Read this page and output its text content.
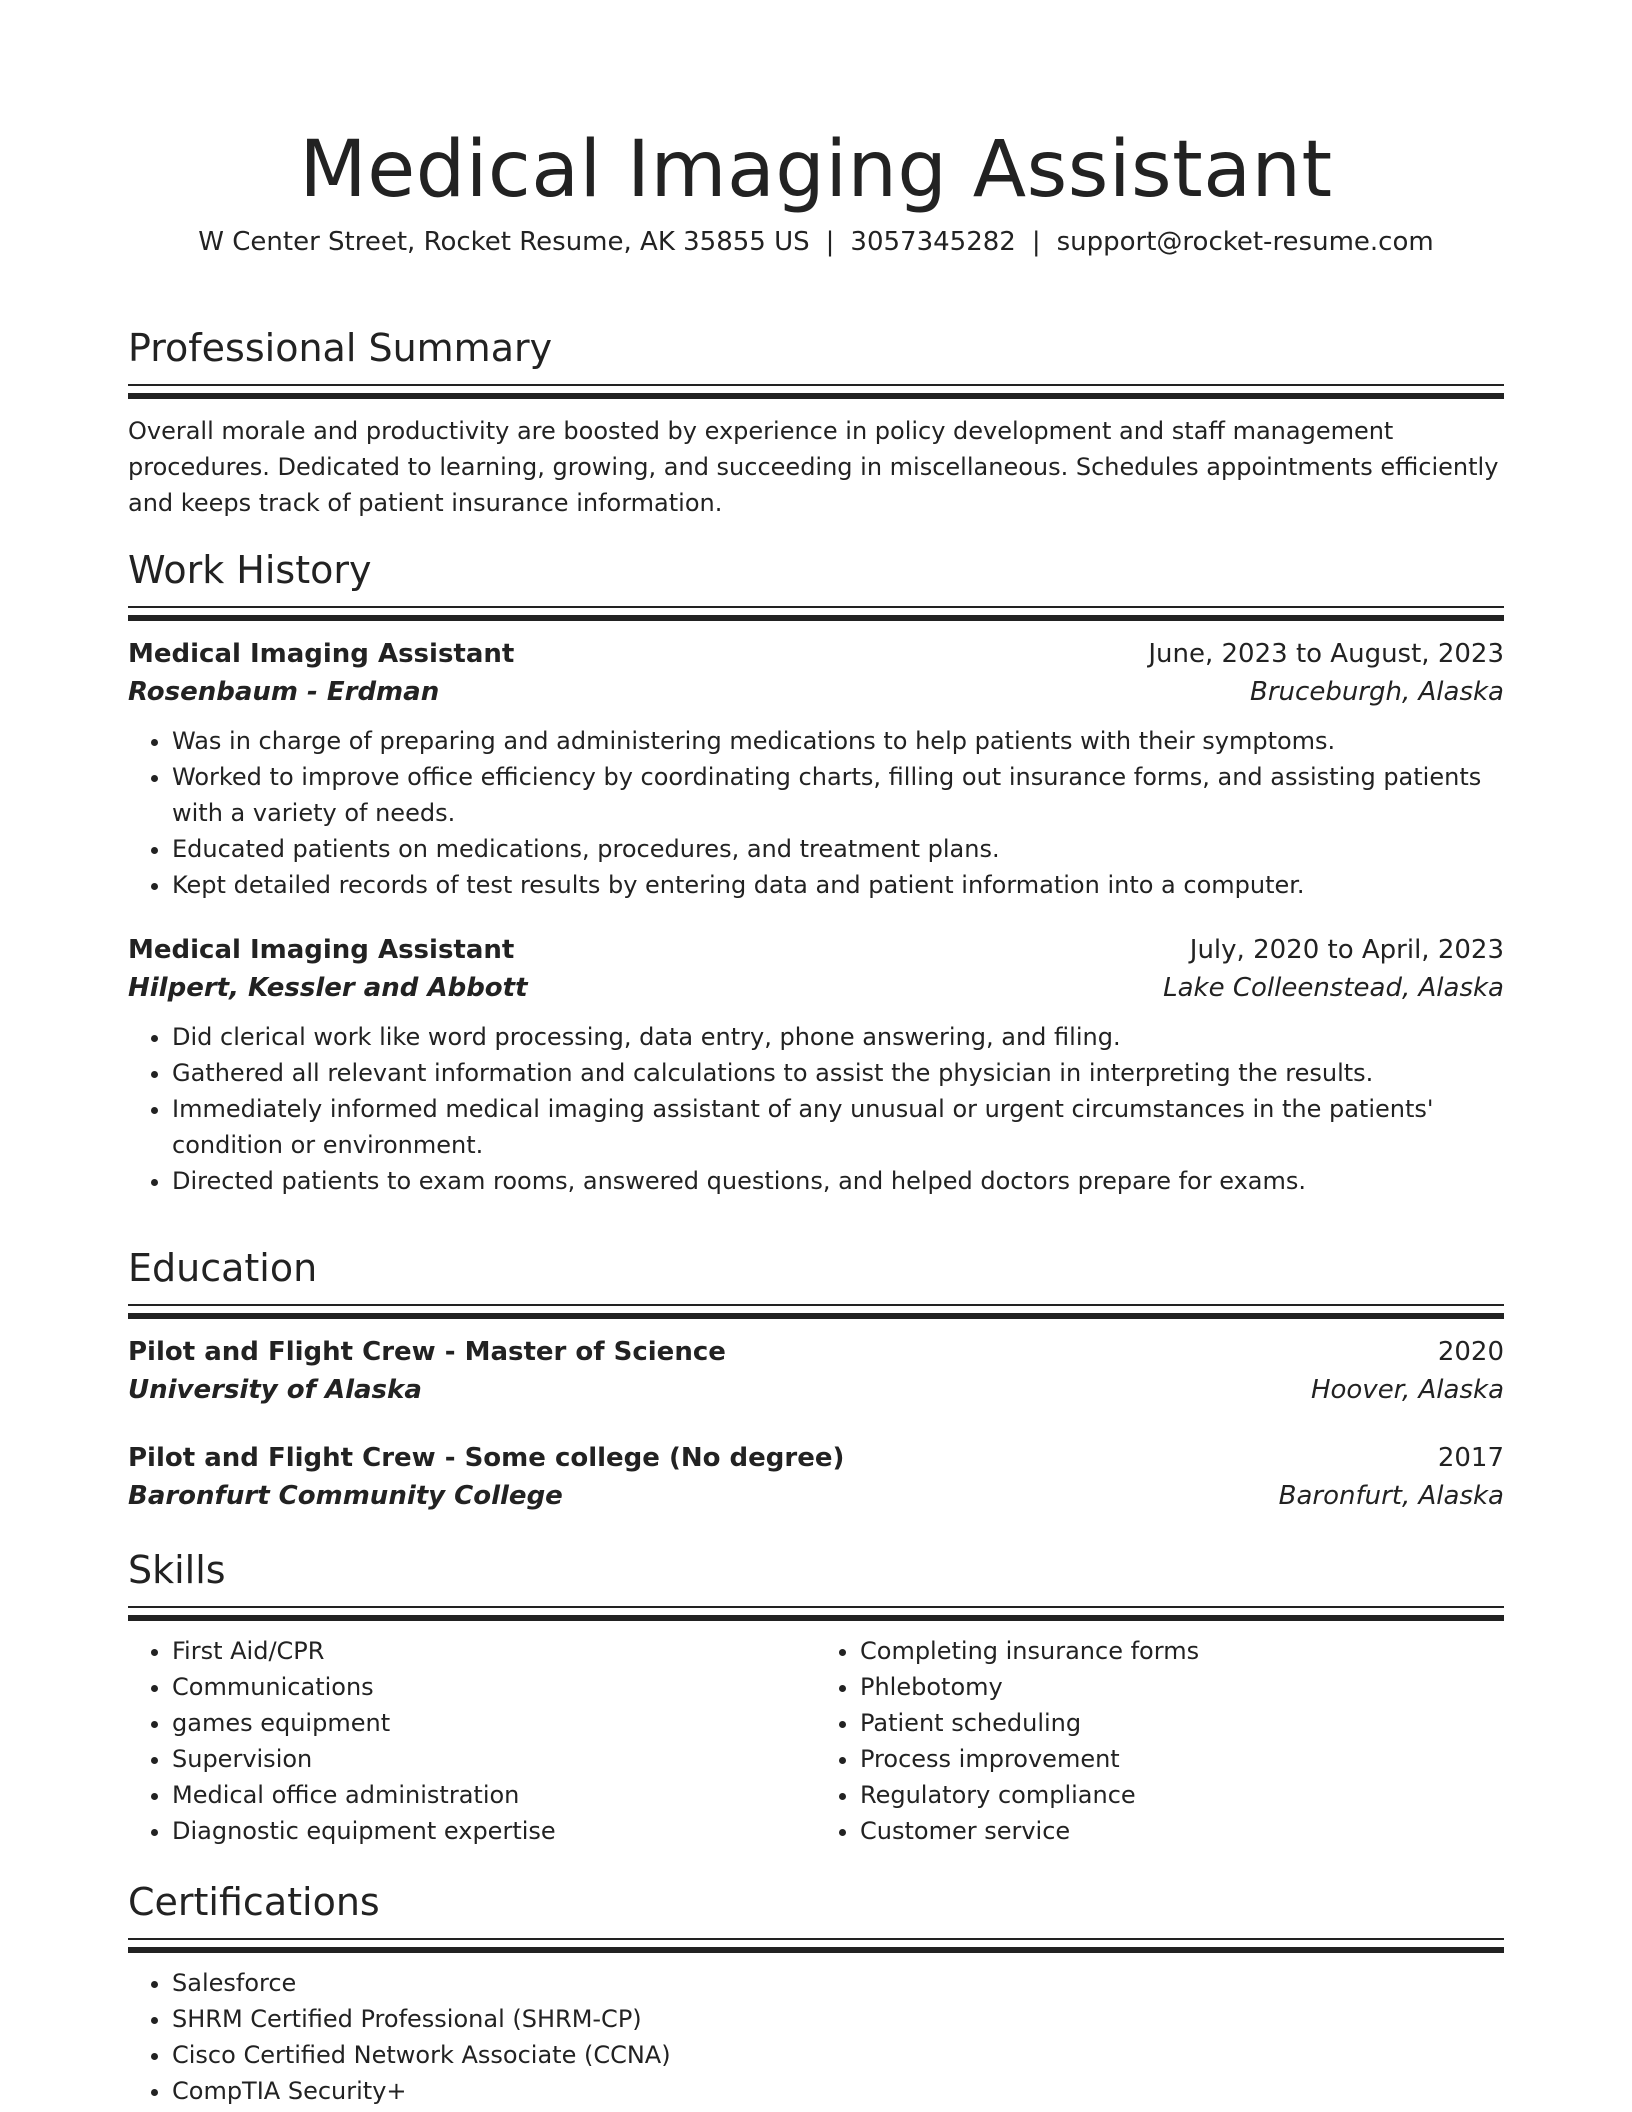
Medical Imaging Assistant
W Center Street, Rocket Resume, AK 35855 US | 3057345282 | support@rocket-resume.com
Professional Summary
Overall morale and productivity are boosted by experience in policy development and staff management procedures. Dedicated to learning, growing, and succeeding in miscellaneous. Schedules appointments efficiently and keeps track of patient insurance information.
Work History
Medical Imaging Assistant	June, 2023 to August, 2023
Rosenbaum - Erdman	Bruceburgh, Alaska
• Was in charge of preparing and administering medications to help patients with their symptoms.
• Worked to improve office efficiency by coordinating charts, filling out insurance forms, and assisting patients with a variety of needs.
• Educated patients on medications, procedures, and treatment plans.
• Kept detailed records of test results by entering data and patient information into a computer.
Medical Imaging Assistant	July, 2020 to April, 2023
Hilpert, Kessler and Abbott	Lake Colleenstead, Alaska
• Did clerical work like word processing, data entry, phone answering, and filing.
• Gathered all relevant information and calculations to assist the physician in interpreting the results.
• Immediately informed medical imaging assistant of any unusual or urgent circumstances in the patients' condition or environment.
• Directed patients to exam rooms, answered questions, and helped doctors prepare for exams.
Education
Pilot and Flight Crew - Master of Science	2020
University of Alaska	Hoover, Alaska
Pilot and Flight Crew - Some college (No degree)	2017
Baronfurt Community College	Baronfurt, Alaska
Skills
• First Aid/CPR
• Communications
• games equipment
• Supervision
• Medical office administration
• Diagnostic equipment expertise
• Completing insurance forms
• Phlebotomy
• Patient scheduling
• Process improvement
• Regulatory compliance
• Customer service
Certifications
• Salesforce
• SHRM Certified Professional (SHRM-CP)
• Cisco Certified Network Associate (CCNA)
• CompTIA Security+
